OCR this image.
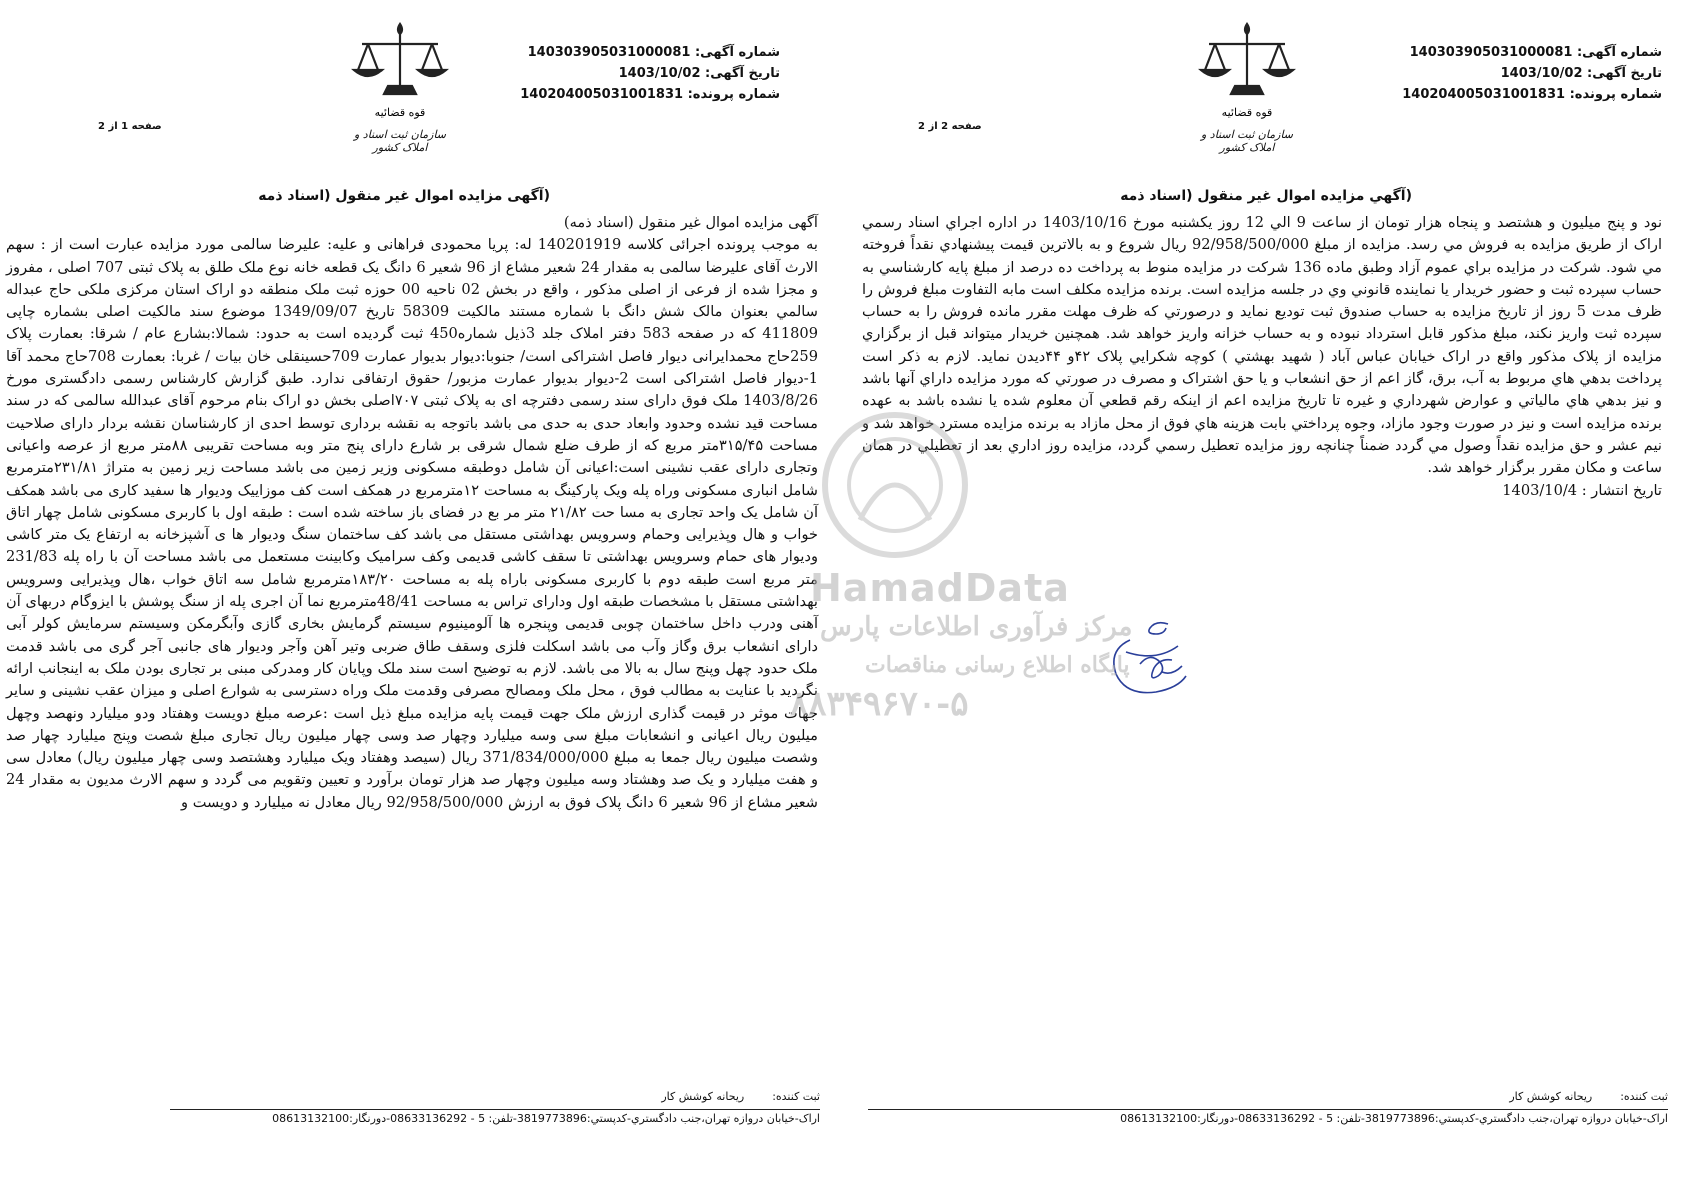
شماره آگهی: 140303905031000081
تاریخ آگهی: 1403/10/02
شماره پرونده: 140204005031001831
قوه قضائیه
سازمان ثبت اسناد و املاک کشور
صفحه 1 از 2
(آگهی مزایده اموال غیر منقول (اسناد ذمه

آگهی مزایده اموال غیر منقول (اسناد ذمه)

به موجب پرونده اجرائی کلاسه 140201919 له: پریا محمودی فراهانی و علیه: علیرضا سالمی مورد مزایده عبارت است از : سهم الارث آقای علیرضا سالمی به مقدار 24 شعیر مشاع از 96 شعیر 6 دانگ یک قطعه خانه نوع ملک طلق به پلاک ثبتی 707 اصلی ، مفروز و مجزا شده از فرعی از اصلی مذکور ، واقع در بخش 02 ناحیه 00 حوزه ثبت ملک منطقه دو اراک استان مرکزی ملکی حاج عبداله سالمي بعنوان مالک شش دانگ با شماره مستند مالکیت 58309 تاریخ 1349/09/07 موضوع سند مالکیت اصلی بشماره چاپی 411809 که در صفحه 583 دفتر املاک جلد 3ذیل شماره450 ثبت گردیده است به حدود: شمالا:بشارع عام / شرقا: بعمارت پلاک 259حاج محمدایرانی دیوار فاصل اشتراکی است/ جنوبا:دیوار بدیوار عمارت 709حسینقلی خان بیات / غربا: بعمارت 708حاج محمد آقا 1-دیوار فاصل اشتراکی است 2-دیوار بدیوار عمارت مزبور/ حقوق ارتفاقی ندارد. طبق گزارش کارشناس رسمی دادگستری مورخ 1403/8/26 ملک فوق دارای سند رسمی دفترچه ای به پلاک ثبتی ۷۰۷اصلی بخش دو اراک بنام مرحوم آقای عبدالله سالمی که در سند مساحت قید نشده وحدود وابعاد حدی به حدی می باشد باتوجه به نقشه برداری توسط احدی از کارشناسان نقشه بردار دارای صلاحیت مساحت ۳۱۵/۴۵متر مربع که از طرف ضلع شمال شرقی بر شارع دارای پنج متر وبه مساحت تقریبی ۸۸متر مربع از عرصه واعیانی وتجاری دارای عقب نشینی است:اعیانی آن شامل دوطبقه مسکونی وزیر زمین می باشد مساحت زیر زمین به متراژ ۲۳۱/۸۱مترمربع شامل انباری مسکونی وراه پله ویک پارکینگ به مساحت ۱۲مترمربع در همکف است کف موزاییک ودیوار ها سفید کاری می باشد همکف آن شامل یک واحد تجاری به مسا حت ۲۱/۸۲ متر مر بع در فضای باز ساخته شده است : طبقه اول با کاربری مسکونی شامل چهار اتاق خواب و هال وپذیرایی وحمام وسرویس بهداشتی مستقل می باشد کف ساختمان سنگ ودیوار ها ی آشپزخانه به ارتفاع یک متر کاشی ودیوار های حمام وسرویس بهداشتی تا سقف کاشی قدیمی وکف سرامیک وکابینت مستعمل می باشد مساحت آن با راه پله 231/83 متر مربع است طبقه دوم با کاربری مسکونی باراه پله به مساحت ۱۸۳/۲۰مترمربع شامل سه اتاق خواب ،هال وپذیرایی وسرویس بهداشتی مستقل با مشخصات طبقه اول ودارای تراس به مساحت 48/41مترمربع نما آن اجری پله از سنگ پوشش با ایزوگام دربهای آن آهنی ودرب داخل ساختمان چوبی قدیمی وپنجره ها آلومینیوم سیستم گرمایش بخاری گازی وآبگرمکن وسیستم سرمایش کولر آبی دارای انشعاب برق وگاز وآب می باشد اسکلت فلزی وسقف طاق ضربی وتیر آهن وآجر ودیوار های جانبی آجر گری می باشد قدمت ملک حدود چهل وپنج سال به بالا می باشد. لازم به توضیح است سند ملک وپایان کار ومدرکی مبنی بر تجاری بودن ملک به اینجانب ارائه نگردید با عنایت به مطالب فوق ، محل ملک ومصالح مصرفی وقدمت ملک وراه دسترسی به شوارع اصلی و میزان عقب نشینی و سایر جهات موثر در قیمت گذاری ارزش ملک جهت قیمت پایه مزایده مبلغ ذیل است :عرصه مبلغ دویست وهفتاد ودو میلیارد ونهصد وچهل میلیون ریال اعیانی و انشعابات مبلغ سی وسه میلیارد وچهار صد وسی چهار میلیون ریال تجاری مبلغ شصت وپنج میلیارد چهار صد وشصت میلیون ریال جمعا به مبلغ 371/834/000/000 ریال (سیصد وهفتاد ویک میلیارد وهشتصد وسی چهار میلیون ریال) معادل سی و هفت میلیارد و یک صد وهشتاد وسه میلیون وچهار صد هزار تومان برآورد و تعیین وتقویم می گردد و سهم الارث مدیون به مقدار 24 شعیر مشاع از 96 شعیر 6 دانگ پلاک فوق به ارزش 92/958/500/000 ریال معادل نه میلیارد و دویست و

ثبت کننده:        ریحانه کوشش کار
اراک-خیابان دروازه تهران،جنب دادگستري-کدپستي:3819773896-تلفن: 5 - 08633136292-دورنگار:08613132100
شماره آگهی: 140303905031000081
تاریخ آگهی: 1403/10/02
شماره پرونده: 140204005031001831
قوه قضائیه
سازمان ثبت اسناد و املاک کشور
صفحه 2 از 2
(آگهي مزايده اموال غير منقول (اسناد ذمه

نود و پنج میلیون و هشتصد و پنجاه هزار تومان از ساعت 9 الي 12 روز یکشنبه مورخ 1403/10/16 در اداره اجراي اسناد رسمي اراک از طريق مزايده به فروش مي رسد. مزايده از مبلغ 92/958/500/000 ريال شروع و به بالاترين قيمت پيشنهادي نقداً فروخته مي شود. شرکت در مزايده براي عموم آزاد وطبق ماده 136 شرکت در مزايده منوط به پرداخت ده درصد از مبلغ پايه کارشناسي به حساب سپرده ثبت و حضور خريدار يا نماينده قانوني وي در جلسه مزايده است. برنده مزايده مکلف است مابه التفاوت مبلغ فروش را ظرف مدت 5 روز از تاريخ مزايده به حساب صندوق ثبت توديع نمايد و درصورتي که ظرف مهلت مقرر مانده فروش را به حساب سپرده ثبت واريز نکند، مبلغ مذکور قابل استرداد نبوده و به حساب خزانه واريز خواهد شد. همچنين خريدار ميتواند قبل از برگزاري مزايده از پلاک مذکور واقع در اراک خیابان عباس آباد ( شهيد بهشتي ) کوچه شکرايي پلاک ۴۲و ۴۴دیدن نمايد. لازم به ذکر است پرداخت بدهي هاي مربوط به آب، برق، گاز اعم از حق انشعاب و يا حق اشتراک و مصرف در صورتي که مورد مزايده داراي آنها باشد و نيز بدهي هاي مالياتي و عوارض شهرداري و غيره تا تاريخ مزايده اعم از اينکه رقم قطعي آن معلوم شده يا نشده باشد به عهده برنده مزايده است و نيز در صورت وجود مازاد، وجوه پرداختي بابت هزينه هاي فوق از محل مازاد به برنده مزايده مسترد خواهد شد و نيم عشر و حق مزايده نقداً وصول مي گردد ضمناً چنانچه روز مزايده تعطيل رسمي گردد، مزايده روز اداري بعد از تعطيلي در همان ساعت و مكان مقرر برگزار خواهد شد.

تاریخ انتشار : 1403/10/4

ثبت کننده:        ریحانه کوشش کار
اراک-خیابان دروازه تهران،جنب دادگستري-کدپستي:3819773896-تلفن: 5 - 08633136292-دورنگار:08613132100
HamadData
مرکز فرآوری اطلاعات پارس
پایگاه اطلاع رسانی مناقصات
۸۸۳۴۹۶۷۰-۵
